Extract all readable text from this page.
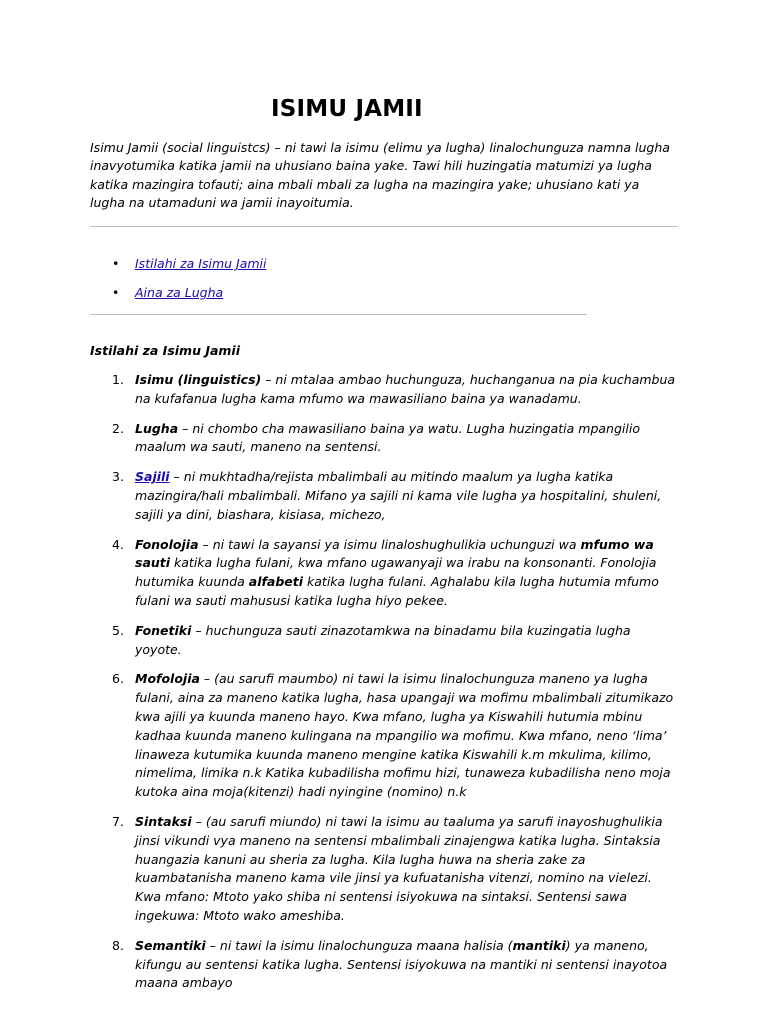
ISIMU JAMII

Isimu Jamii (social linguistcs) – ni tawi la isimu (elimu ya lugha) linalochunguza namna lugha inavyotumika katika jamii na uhusiano baina yake. Tawi hili huzingatia matumizi ya lugha katika mazingira tofauti; aina mbali mbali za lugha na mazingira yake; uhusiano kati ya lugha na utamaduni wa jamii inayoitumia.

• Istilahi za Isimu Jamii
• Aina za Lugha

Istilahi za Isimu Jamii

1. Isimu (linguistics) – ni mtalaa ambao huchunguza, huchanganua na pia kuchambua na kufafanua lugha kama mfumo wa mawasiliano baina ya wanadamu.
2. Lugha – ni chombo cha mawasiliano baina ya watu. Lugha huzingatia mpangilio maalum wa sauti, maneno na sentensi.
3. Sajili – ni mukhtadha/rejista mbalimbali au mitindo maalum ya lugha katika mazingira/hali mbalimbali. Mifano ya sajili ni kama vile lugha ya hospitalini, shuleni, sajili ya dini, biashara, kisiasa, michezo,
4. Fonolojia – ni tawi la sayansi ya isimu linaloshughulikia uchunguzi wa mfumo wa sauti katika lugha fulani, kwa mfano ugawanyaji wa irabu na konsonanti. Fonolojia hutumika kuunda alfabeti katika lugha fulani. Aghalabu kila lugha hutumia mfumo fulani wa sauti mahususi katika lugha hiyo pekee.
5. Fonetiki – huchunguza sauti zinazotamkwa na binadamu bila kuzingatia lugha yoyote.
6. Mofolojia – (au sarufi maumbo) ni tawi la isimu linalochunguza maneno ya lugha fulani, aina za maneno katika lugha, hasa upangaji wa mofimu mbalimbali zitumikazo kwa ajili ya kuunda maneno hayo. Kwa mfano, lugha ya Kiswahili hutumia mbinu kadhaa kuunda maneno kulingana na mpangilio wa mofimu. Kwa mfano, neno ‘lima’ linaweza kutumika kuunda maneno mengine katika Kiswahili k.m mkulima, kilimo, nimelima, limika n.k Katika kubadilisha mofimu hizi, tunaweza kubadilisha neno moja kutoka aina moja(kitenzi) hadi nyingine (nomino) n.k
7. Sintaksi – (au sarufi miundo) ni tawi la isimu au taaluma ya sarufi inayoshughulikia jinsi vikundi vya maneno na sentensi mbalimbali zinajengwa katika lugha. Sintaksia huangazia kanuni au sheria za lugha. Kila lugha huwa na sheria zake za kuambatanisha maneno kama vile jinsi ya kufuatanisha vitenzi, nomino na vielezi. Kwa mfano: Mtoto yako shiba ni sentensi isiyokuwa na sintaksi. Sentensi sawa ingekuwa: Mtoto wako ameshiba.
8. Semantiki – ni tawi la isimu linalochunguza maana halisia (mantiki) ya maneno, kifungu au sentensi katika lugha. Sentensi isiyokuwa na mantiki ni sentensi inayotoa maana ambayo
